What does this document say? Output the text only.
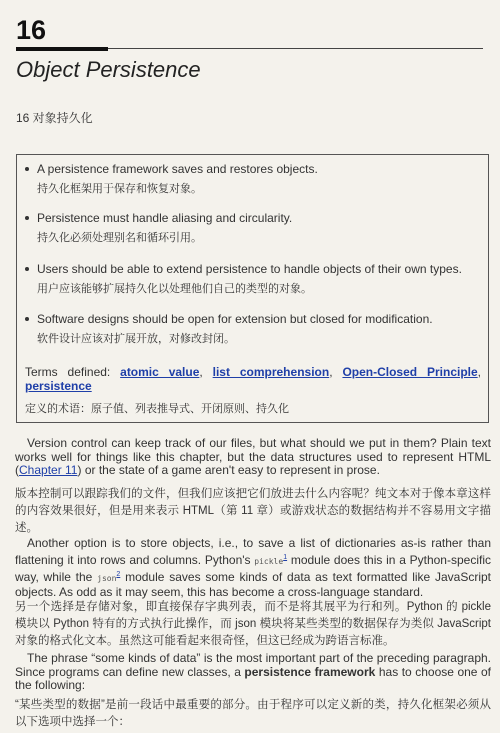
16
Object Persistence
16 对象持久化
A persistence framework saves and restores objects.
持久化框架用于保存和恢复对象。
Persistence must handle aliasing and circularity.
持久化必须处理别名和循环引用。
Users should be able to extend persistence to handle objects of their own types.
用户应该能够扩展持久化以处理他们自己的类型的对象。
Software designs should be open for extension but closed for modification.
软件设计应该对扩展开放，对修改封闭。
Terms defined: atomic value, list comprehension, Open-Closed Principle, persistence
定义的术语：原子值、列表推导式、开闭原则、持久化
Version control can keep track of our files, but what should we put in them? Plain text works well for things like this chapter, but the data structures used to represent HTML (Chapter 11) or the state of a game aren't easy to represent in prose.
版本控制可以跟踪我们的文件，但我们应该把它们放进去什么内容呢？纯文本对于像本章这样的内容效果很好，但是用来表示 HTML（第 11 章）或游戏状态的数据结构并不容易用文字描述。
Another option is to store objects, i.e., to save a list of dictionaries as-is rather than flattening it into rows and columns. Python's pickle$^1$ module does this in a Python-specific way, while the json$^2$ module saves some kinds of data as text formatted like JavaScript objects. As odd as it may seem, this has become a cross-language standard.
另一个选择是存储对象，即直接保存字典列表，而不是将其展平为行和列。Python 的 pickle 模块以 Python 特有的方式执行此操作，而 json 模块将某些类型的数据保存为类似 JavaScript 对象的格式化文本。虽然这可能看起来很奇怪，但这已经成为跨语言标准。
The phrase “some kinds of data” is the most important part of the preceding paragraph. Since programs can define new classes, a persistence framework has to choose one of the following:
“某些类型的数据”是前一段话中最重要的部分。由于程序可以定义新的类，持久化框架必须从以下选项中选择一个：
